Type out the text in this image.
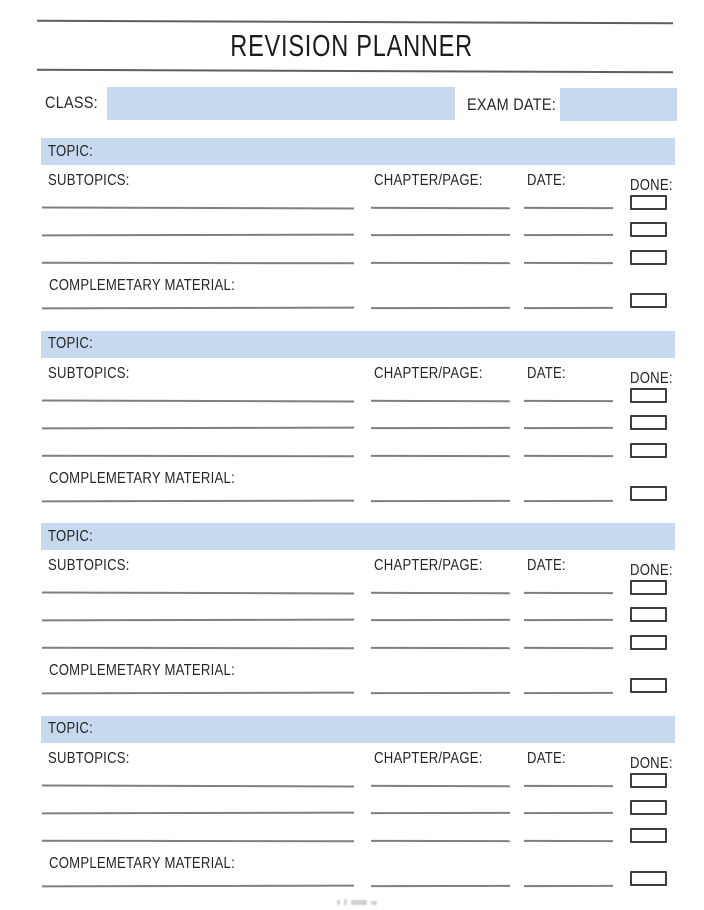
REVISION PLANNER
CLASS:	EXAM DATE:
TOPIC:
SUBTOPICS:	CHAPTER/PAGE:	DATE:	DONE:
COMPLEMETARY MATERIAL:
TOPIC:
SUBTOPICS:	CHAPTER/PAGE:	DATE:	DONE:
COMPLEMETARY MATERIAL:
TOPIC:
SUBTOPICS:	CHAPTER/PAGE:	DATE:	DONE:
COMPLEMETARY MATERIAL:
TOPIC:
SUBTOPICS:	CHAPTER/PAGE:	DATE:	DONE:
COMPLEMETARY MATERIAL:
